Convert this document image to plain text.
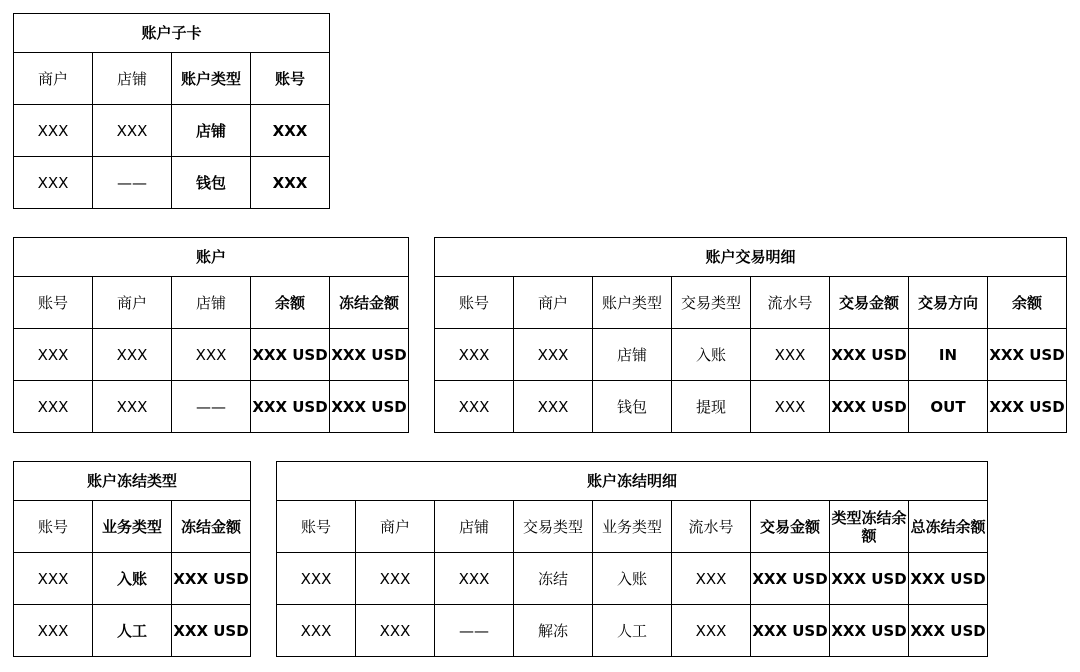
账户子卡			
商户	店铺	账户类型	账号
XXX	XXX	店铺	XXX
XXX	——	钱包	XXX
账户				
账号	商户	店铺	余额	冻结金额
XXX	XXX	XXX	XXX USD	XXX USD
XXX	XXX	——	XXX USD	XXX USD
账户交易明细							
账号	商户	账户类型	交易类型	流水号	交易金额	交易方向	余额
XXX	XXX	店铺	入账	XXX	XXX USD	IN	XXX USD
XXX	XXX	钱包	提现	XXX	XXX USD	OUT	XXX USD
账户冻结类型		
账号	业务类型	冻结金额
XXX	入账	XXX USD
XXX	人工	XXX USD
账户冻结明细								
账号	商户	店铺	交易类型	业务类型	流水号	交易金额	类型冻结余额	总冻结余额
XXX	XXX	XXX	冻结	入账	XXX	XXX USD	XXX USD	XXX USD
XXX	XXX	——	解冻	人工	XXX	XXX USD	XXX USD	XXX USD
